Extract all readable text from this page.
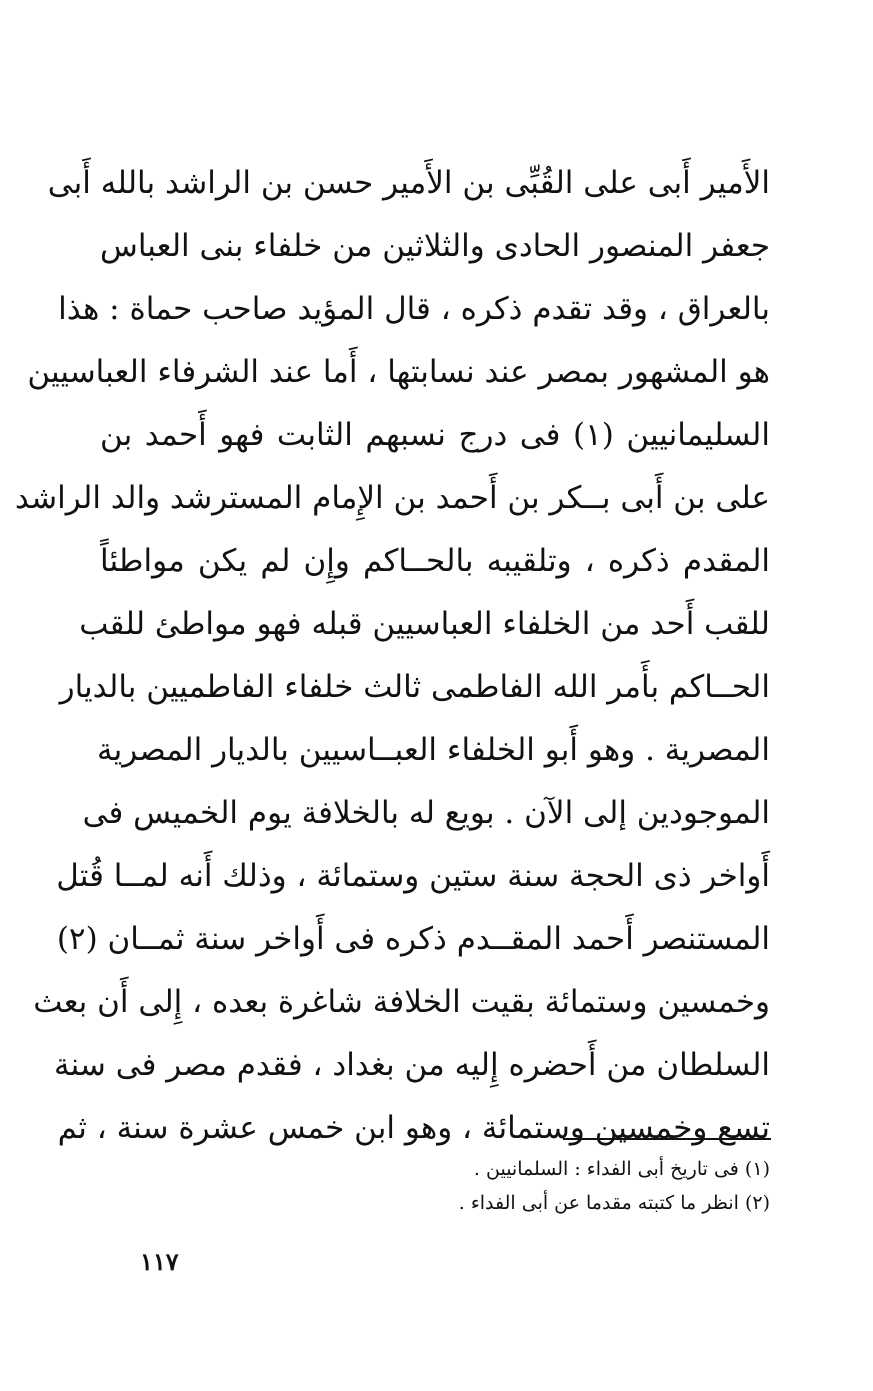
الأَمير أَبى على القُبِّى بن الأَمير حسن بن الراشد بالله أَبى
جعفر المنصور الحادى والثلاثين من خلفاء بنى العباس
بالعراق ، وقد تقدم ذكره ، قال المؤيد صاحب حماة : هذا
هو المشهور بمصر عند نسابتها ، أَما عند الشرفاء العباسيين
السليمانيين (١) فى درج نسبهم الثابت فهو أَحمد بن
على بن أَبى بــكر بن أَحمد بن الإِمام المسترشد والد الراشد
المقدم ذكره ، وتلقيبه بالحــاكم وإِن لم يكن مواطئاً
للقب أَحد من الخلفاء العباسيين قبله فهو مواطئ للقب
الحــاكم بأَمر الله الفاطمى ثالث خلفاء الفاطميين بالديار
المصرية . وهو أَبو الخلفاء العبــاسيين بالديار المصرية
الموجودين إلى الآن . بويع له بالخلافة يوم الخميس فى
أَواخر ذى الحجة سنة ستين وستمائة ، وذلك أَنه لمــا قُتل
المستنصر أَحمد المقــدم ذكره فى أَواخر سنة ثمــان (٢)
وخمسين وستمائة بقيت الخلافة شاغرة بعده ، إِلى أَن بعث
السلطان من أَحضره إِليه من بغداد ، فقدم مصر فى سنة
تسع وخمسين وستمائة ، وهو ابن خمس عشرة سنة ، ثم
(١) فى تاريخ أبى الفداء : السلمانيين .
(٢) انظر ما كتبته مقدما عن أبى الفداء .
١١٧
